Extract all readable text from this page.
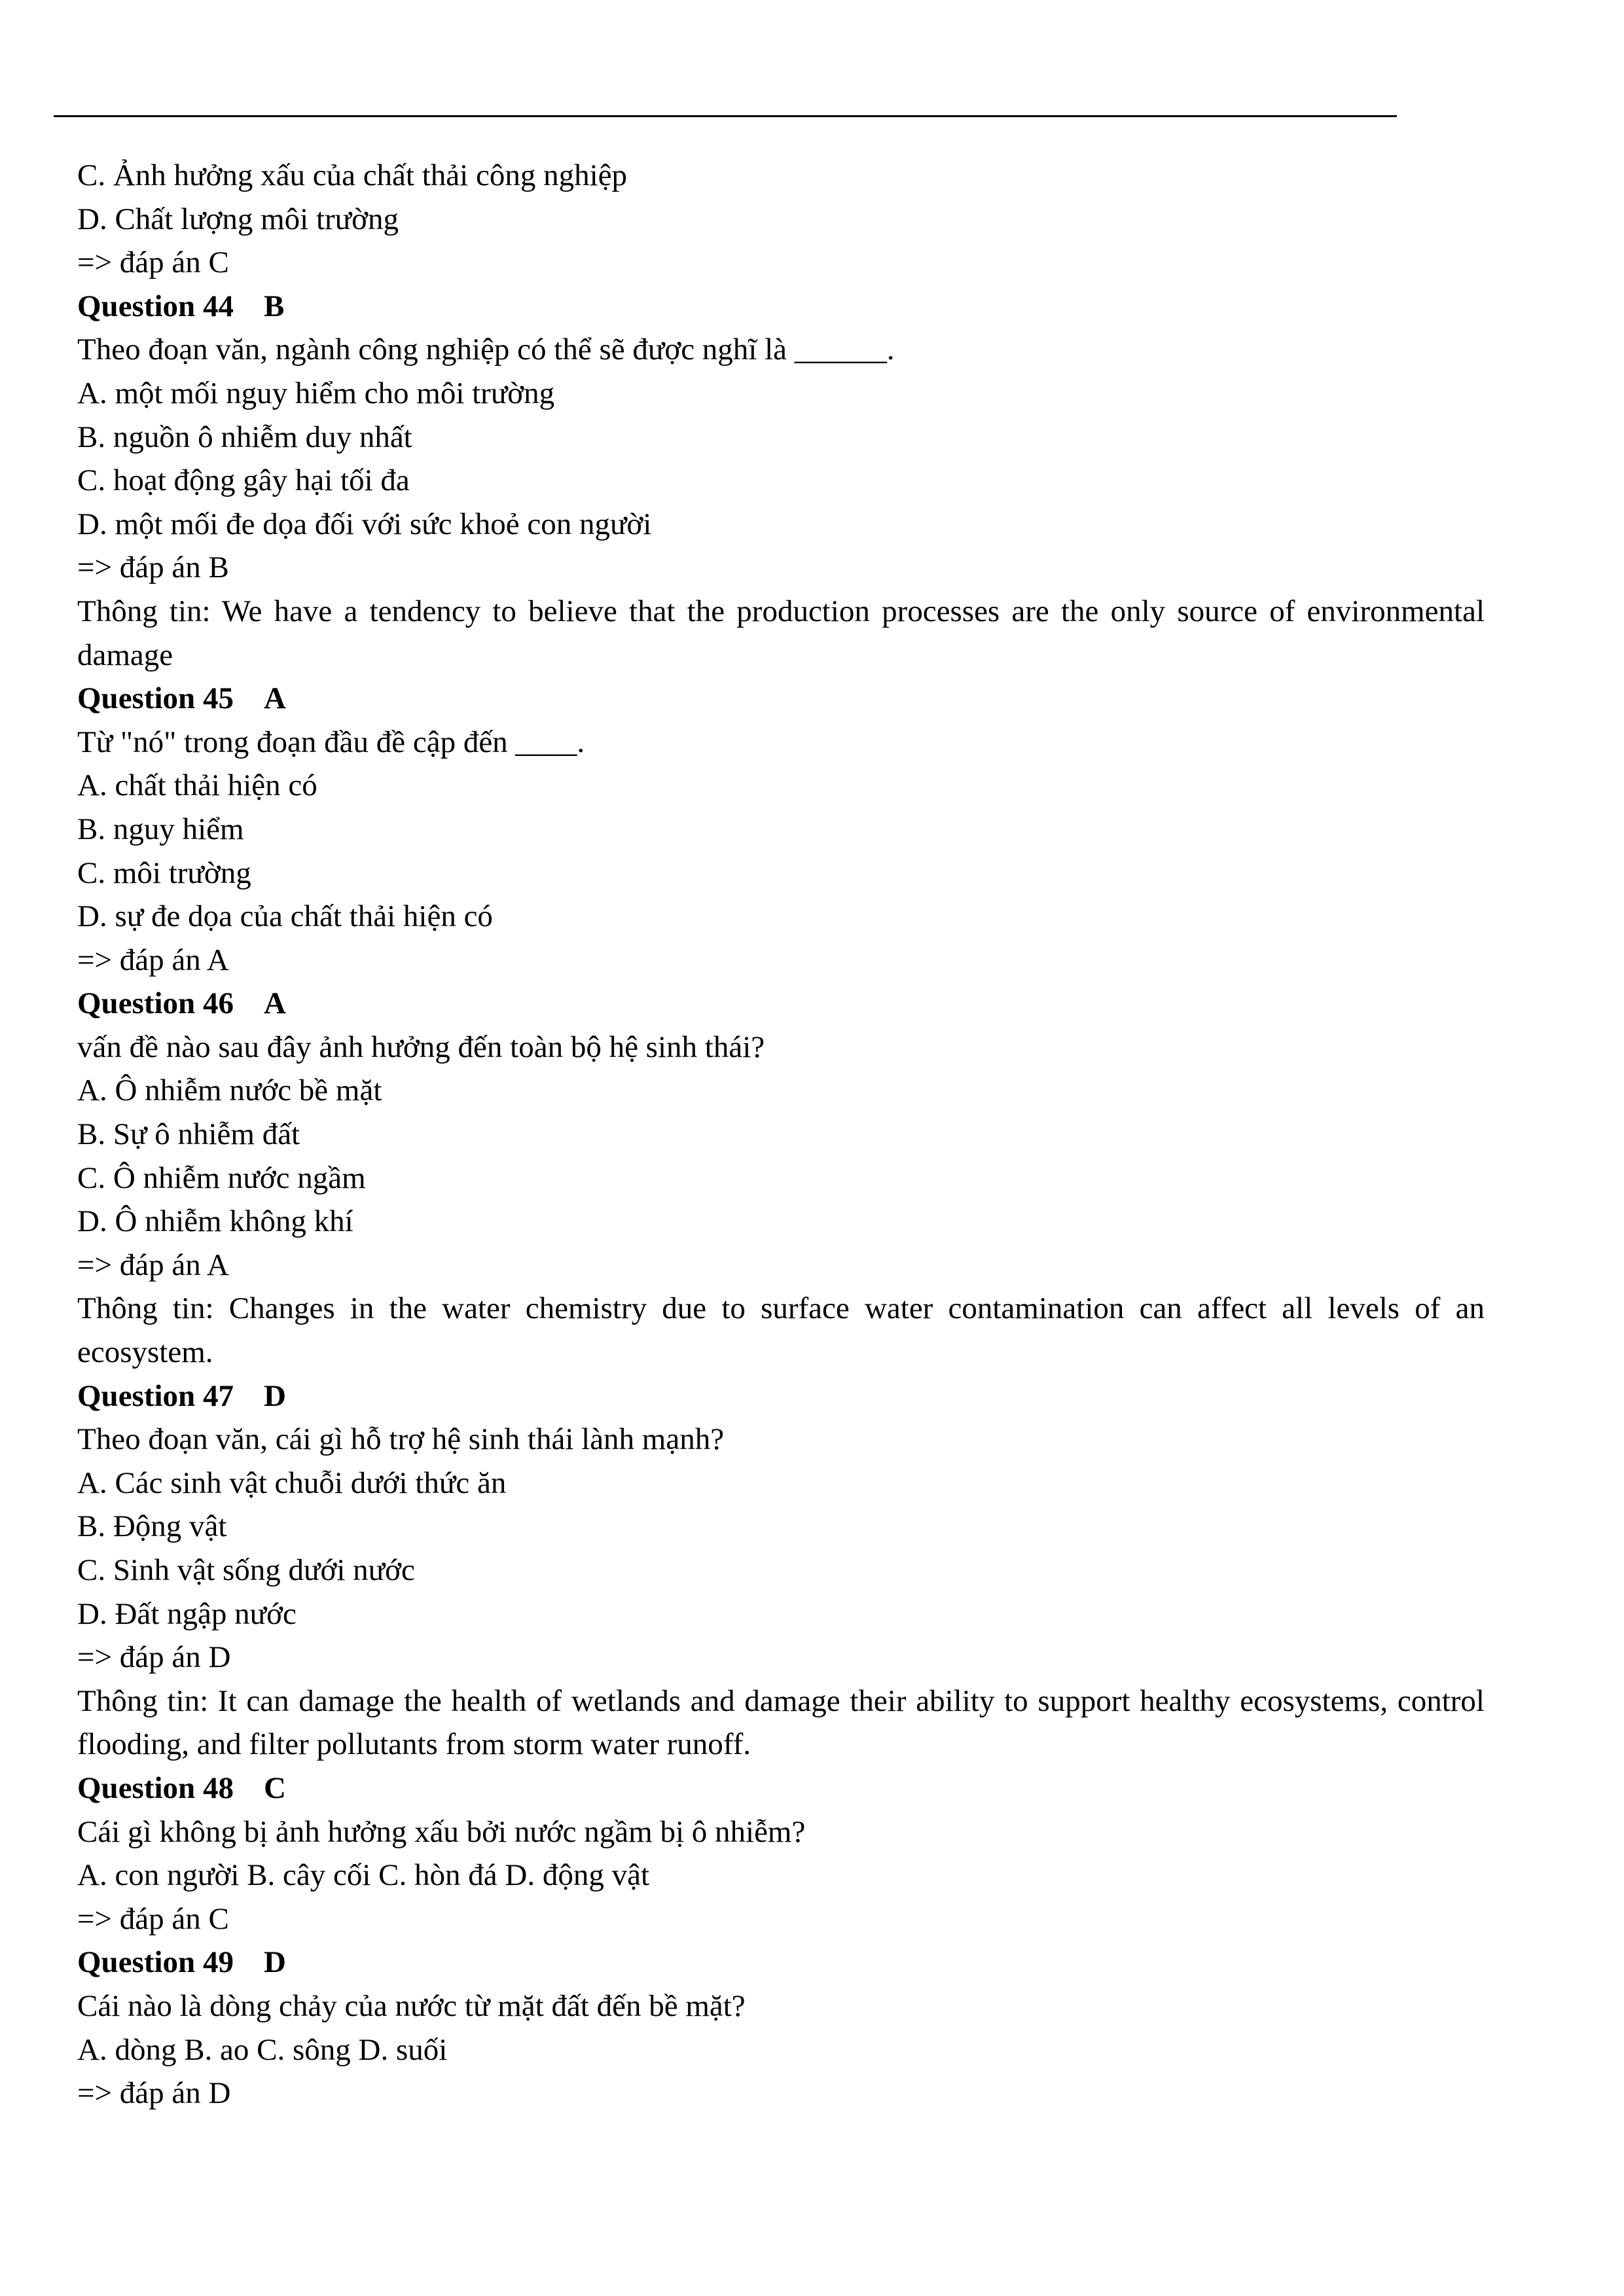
C. Ảnh hưởng xấu của chất thải công nghiệp
D. Chất lượng môi trường
=> đáp án C
Question 44 B
Theo đoạn văn, ngành công nghiệp có thể sẽ được nghĩ là ______.
A. một mối nguy hiểm cho môi trường
B. nguồn ô nhiễm duy nhất
C. hoạt động gây hại tối đa
D. một mối đe dọa đối với sức khoẻ con người
=> đáp án B
Thông tin: We have a tendency to believe that the production processes are the only source of environmental damage
Question 45 A
Từ "nó" trong đoạn đầu đề cập đến ____.
A. chất thải hiện có
B. nguy hiểm
C. môi trường
D. sự đe dọa của chất thải hiện có
=> đáp án A
Question 46 A
vấn đề nào sau đây ảnh hưởng đến toàn bộ hệ sinh thái?
A. Ô nhiễm nước bề mặt
B. Sự ô nhiễm đất
C. Ô nhiễm nước ngầm
D. Ô nhiễm không khí
=> đáp án A
Thông tin: Changes in the water chemistry due to surface water contamination can affect all levels of an ecosystem.
Question 47 D
Theo đoạn văn, cái gì hỗ trợ hệ sinh thái lành mạnh?
A. Các sinh vật chuỗi dưới thức ăn
B. Động vật
C. Sinh vật sống dưới nước
D. Đất ngập nước
=> đáp án D
Thông tin: It can damage the health of wetlands and damage their ability to support healthy ecosystems, control flooding, and filter pollutants from storm water runoff.
Question 48 C
Cái gì không bị ảnh hưởng xấu bởi nước ngầm bị ô nhiễm?
A. con người B. cây cối C. hòn đá D. động vật
=> đáp án C
Question 49 D
Cái nào là dòng chảy của nước từ mặt đất đến bề mặt?
A. dòng B. ao C. sông D. suối
=> đáp án D
